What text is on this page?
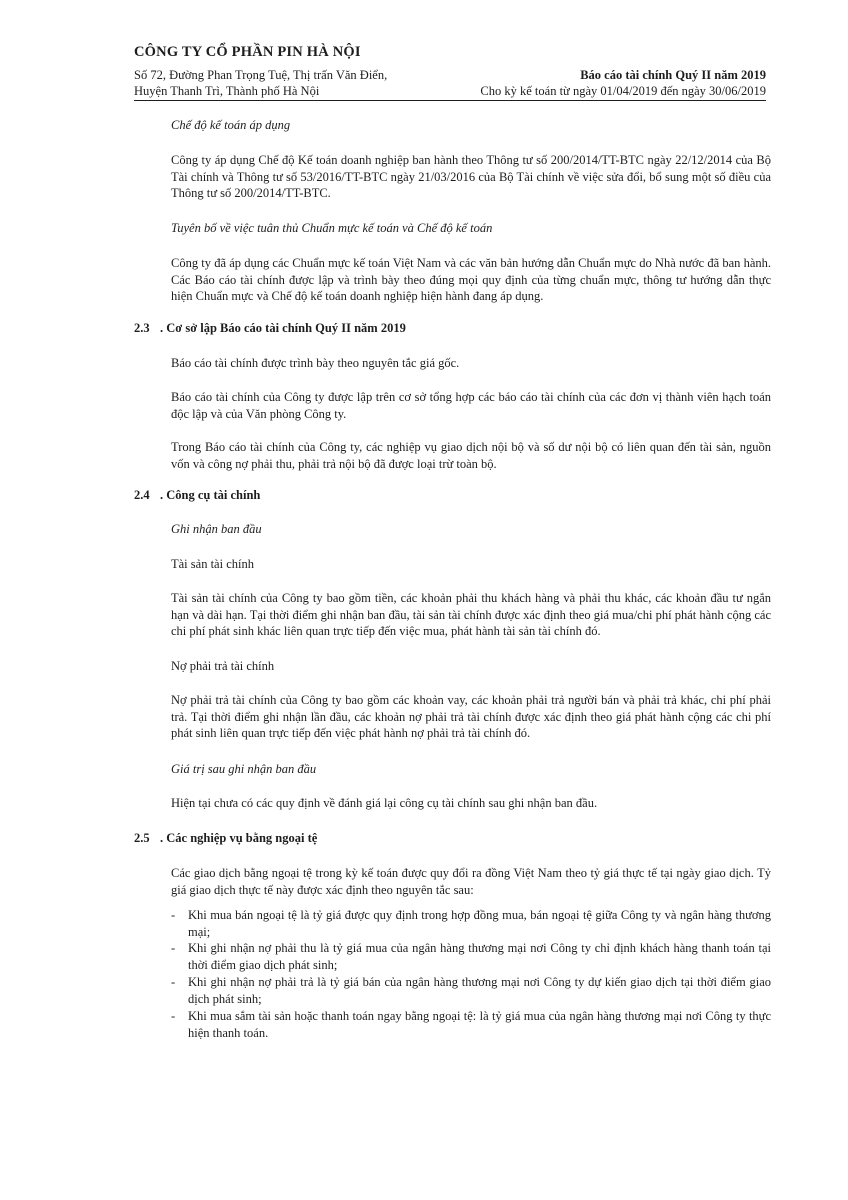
CÔNG TY CỔ PHẦN PIN HÀ NỘI
Số 72, Đường Phan Trọng Tuệ, Thị trấn Văn Điển,
Huyện Thanh Trì, Thành phố Hà Nội
Báo cáo tài chính Quý II năm 2019
Cho kỳ kế toán từ ngày 01/04/2019 đến ngày 30/06/2019
Chế độ kế toán áp dụng
Công ty áp dụng Chế độ Kế toán doanh nghiệp ban hành theo Thông tư số 200/2014/TT-BTC ngày 22/12/2014 của Bộ Tài chính và Thông tư số 53/2016/TT-BTC ngày 21/03/2016 của Bộ Tài chính về việc sửa đổi, bổ sung một số điều của Thông tư số 200/2014/TT-BTC.
Tuyên bố về việc tuân thủ Chuẩn mực kế toán và Chế độ kế toán
Công ty đã áp dụng các Chuẩn mực kế toán Việt Nam và các văn bản hướng dẫn Chuẩn mực do Nhà nước đã ban hành. Các Báo cáo tài chính được lập và trình bày theo đúng mọi quy định của từng chuẩn mực, thông tư hướng dẫn thực hiện Chuẩn mực và Chế độ kế toán doanh nghiệp hiện hành đang áp dụng.
2.3 . Cơ sở lập Báo cáo tài chính Quý II năm 2019
Báo cáo tài chính được trình bày theo nguyên tắc giá gốc.
Báo cáo tài chính của Công ty được lập trên cơ sở tổng hợp các báo cáo tài chính của các đơn vị thành viên hạch toán độc lập và của Văn phòng Công ty.
Trong Báo cáo tài chính của Công ty, các nghiệp vụ giao dịch nội bộ và số dư nội bộ có liên quan đến tài sản, nguồn vốn và công nợ phải thu, phải trả nội bộ đã được loại trừ toàn bộ.
2.4 . Công cụ tài chính
Ghi nhận ban đầu
Tài sản tài chính
Tài sản tài chính của Công ty bao gồm tiền, các khoản phải thu khách hàng và phải thu khác, các khoản đầu tư ngắn hạn và dài hạn. Tại thời điểm ghi nhận ban đầu, tài sản tài chính được xác định theo giá mua/chi phí phát hành cộng các chi phí phát sinh khác liên quan trực tiếp đến việc mua, phát hành tài sản tài chính đó.
Nợ phải trả tài chính
Nợ phải trả tài chính của Công ty bao gồm các khoản vay, các khoản phải trả người bán và phải trả khác, chi phí phải trả. Tại thời điểm ghi nhận lần đầu, các khoản nợ phải trả tài chính được xác định theo giá phát hành cộng các chi phí phát sinh liên quan trực tiếp đến việc phát hành nợ phải trả tài chính đó.
Giá trị sau ghi nhận ban đầu
Hiện tại chưa có các quy định về đánh giá lại công cụ tài chính sau ghi nhận ban đầu.
2.5 . Các nghiệp vụ bằng ngoại tệ
Các giao dịch bằng ngoại tệ trong kỳ kế toán được quy đổi ra đồng Việt Nam theo tỷ giá thực tế tại ngày giao dịch. Tỷ giá giao dịch thực tế này được xác định theo nguyên tắc sau:
- Khi mua bán ngoại tệ là tỷ giá được quy định trong hợp đồng mua, bán ngoại tệ giữa Công ty và ngân hàng thương mại;
- Khi ghi nhận nợ phải thu là tỷ giá mua của ngân hàng thương mại nơi Công ty chỉ định khách hàng thanh toán tại thời điểm giao dịch phát sinh;
- Khi ghi nhận nợ phải trả là tỷ giá bán của ngân hàng thương mại nơi Công ty dự kiến giao dịch tại thời điểm giao dịch phát sinh;
- Khi mua sắm tài sản hoặc thanh toán ngay bằng ngoại tệ: là tỷ giá mua của ngân hàng thương mại nơi Công ty thực hiện thanh toán.
